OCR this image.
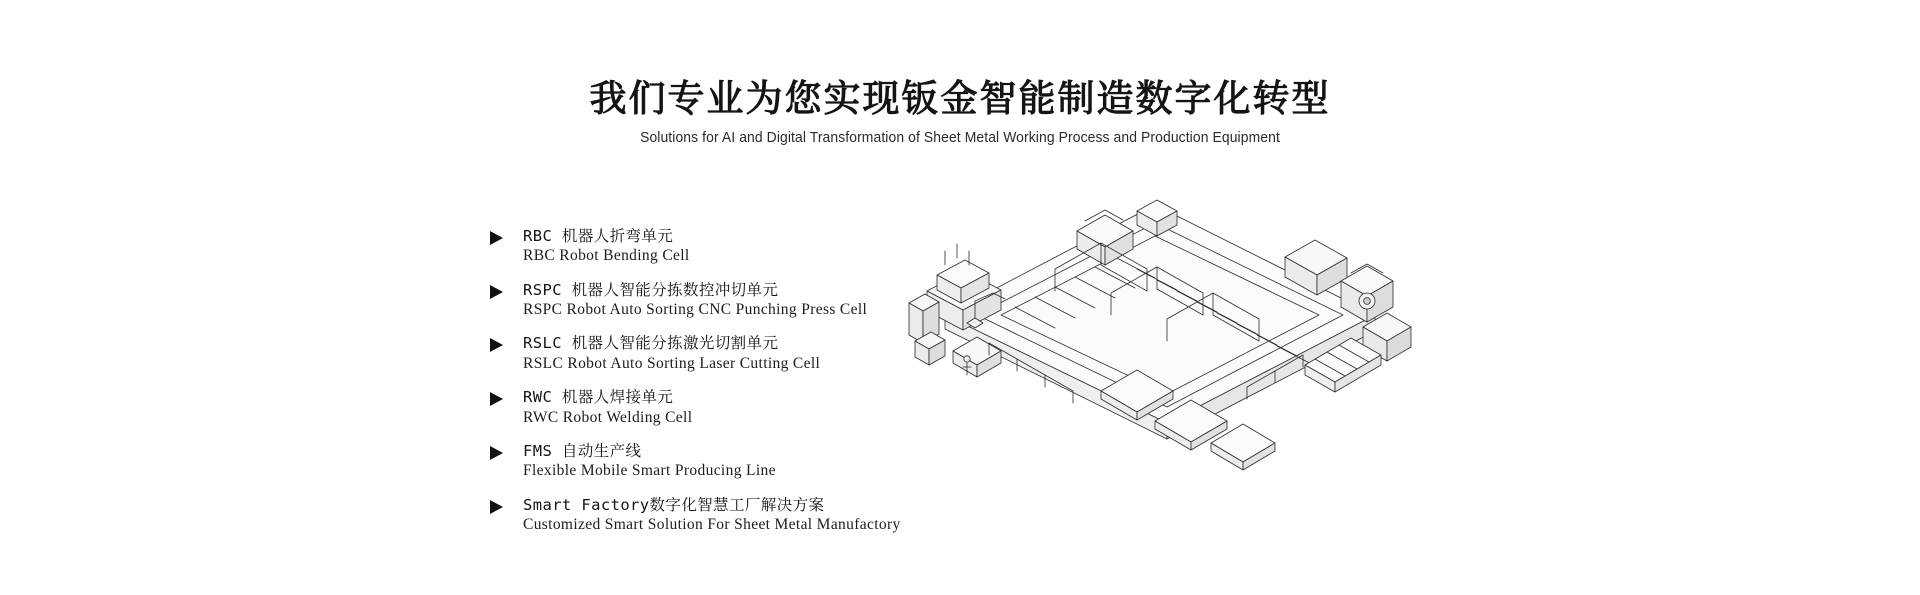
我们专业为您实现钣金智能制造数字化转型
Solutions for AI and Digital Transformation of Sheet Metal Working Process and Production Equipment
RBC 机器人折弯单元
RBC Robot Bending Cell
RSPC 机器人智能分拣数控冲切单元
RSPC Robot Auto Sorting CNC Punching Press Cell
RSLC 机器人智能分拣激光切割单元
RSLC Robot Auto Sorting Laser Cutting Cell
RWC 机器人焊接单元
RWC Robot Welding Cell
FMS 自动生产线
Flexible Mobile Smart Producing Line
Smart Factory数字化智慧工厂解决方案
Customized Smart Solution For Sheet Metal Manufactory
